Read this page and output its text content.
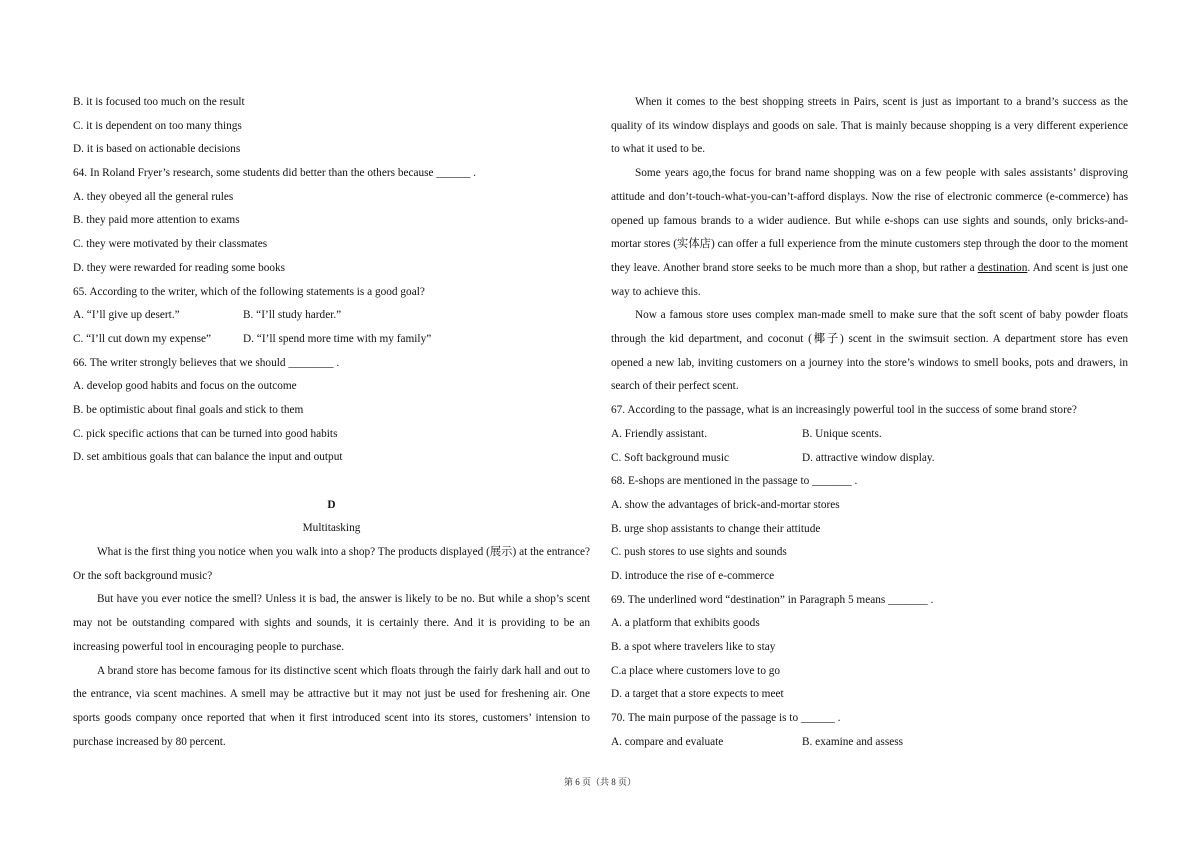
B. it is focused too much on the result
C. it is dependent on too many things
D. it is based on actionable decisions
64. In Roland Fryer’s research, some students did better than the others because ______ .
A. they obeyed all the general rules
B. they paid more attention to exams
C. they were motivated by their classmates
D. they were rewarded for reading some books
65. According to the writer, which of the following statements is a good goal?
A. “I’ll give up desert.”	B. “I’ll study harder.”
C. “I’ll cut down my expense”	D. “I’ll spend more time with my family”
66. The writer strongly believes that we should ________ .
A. develop good habits and focus on the outcome
B. be optimistic about final goals and stick to them
C. pick specific actions that can be turned into good habits
D. set ambitious goals that can balance the input and output
D
Multitasking

What is the first thing you notice when you walk into a shop? The products displayed (展示) at the entrance? Or the soft background music?

But have you ever notice the smell? Unless it is bad, the answer is likely to be no. But while a shop’s scent may not be outstanding compared with sights and sounds, it is certainly there. And it is providing to be an increasing powerful tool in encouraging people to purchase.

A brand store has become famous for its distinctive scent which floats through the fairly dark hall and out to the entrance, via scent machines. A smell may be attractive but it may not just be used for freshening air. One sports goods company once reported that when it first introduced scent into its stores, customers’ intension to purchase increased by 80 percent.

When it comes to the best shopping streets in Pairs, scent is just as important to a brand’s success as the quality of its window displays and goods on sale. That is mainly because shopping is a very different experience to what it used to be.

Some years ago,the focus for brand name shopping was on a few people with sales assistants’ disproving attitude and don’t-touch-what-you-can’t-afford displays. Now the rise of electronic commerce (e-commerce) has opened up famous brands to a wider audience. But while e-shops can use sights and sounds, only bricks-and-mortar stores (实体店) can offer a full experience from the minute customers step through the door to the moment they leave. Another brand store seeks to be much more than a shop, but rather a destination. And scent is just one way to achieve this.

Now a famous store uses complex man-made smell to make sure that the soft scent of baby powder floats through the kid department, and coconut (椰子) scent in the swimsuit section. A department store has even opened a new lab, inviting customers on a journey into the store’s windows to smell books, pots and drawers, in search of their perfect scent.

67. According to the passage, what is an increasingly powerful tool in the success of some brand store?
A. Friendly assistant.	B. Unique scents.
C. Soft background music	D. attractive window display.
68. E-shops are mentioned in the passage to _______ .
A. show the advantages of brick-and-mortar stores
B. urge shop assistants to change their attitude
C. push stores to use sights and sounds
D. introduce the rise of e-commerce
69. The underlined word “destination” in Paragraph 5 means _______ .
A. a platform that exhibits goods
B. a spot where travelers like to stay
C.a place where customers love to go
D. a target that a store expects to meet
70. The main purpose of the passage is to ______ .
A. compare and evaluate	B. examine and assess
第 6 页（共 8 页）
